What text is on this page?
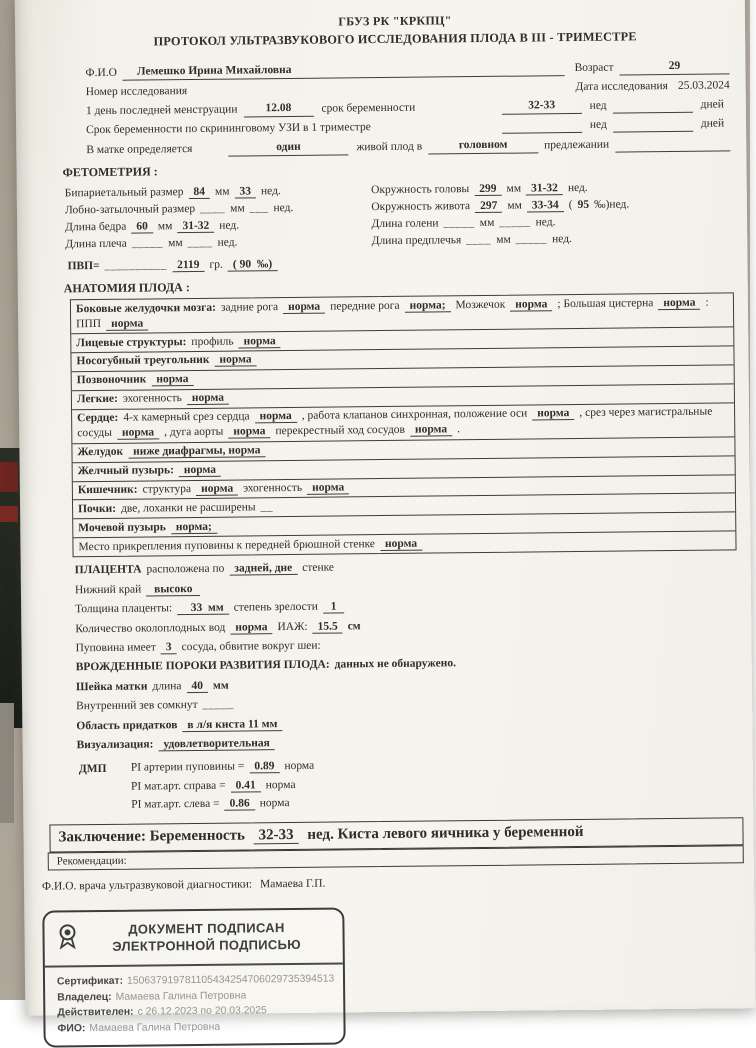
ГБУЗ РК "КРКПЦ"
ПРОТОКОЛ УЛЬТРАЗВУКОВОГО ИССЛЕДОВАНИЯ ПЛОДА В III - ТРИМЕСТРЕ
Ф.И.О	Лемешко Ирина Михайловна	Возраст	29
Номер исследования	Дата исследования 25.03.2024
1 день последней менструации	12.08	срок беременности	32-33	нед	дней
Срок беременности по скрининговому УЗИ в 1 триместре	нед	дней
В матке определяется	один	живой плод в	головном	предлежании
ФЕТОМЕТРИЯ :
Бипариетальный размер 84 мм 33 нед.
Лобно-затылочный размер ____ мм ___ нед.
Длина бедра 60 мм 31-32 нед.
Длина плеча _____ мм ____ нед.
Окружность головы 299 мм 31-32 нед.
Окружность живота 297 мм 33-34 ( 95 ‰)нед.
Длина голени _____ мм _____ нед.
Длина предплечья ____ мм _____ нед.
ПВП= __________ 2119 гр. ( 90  ‰)
АНАТОМИЯ ПЛОДА :
Боковые желудочки мозга: задние рога норма передние рога норма; Мозжечок норма ; Большая цистерна норма : ППП норма
Лицевые структуры: профиль норма
Носогубный треугольник норма
Позвоночник норма
Легкие: эхогенность норма
Сердце: 4-х камерный срез сердца норма , работа клапанов синхронная, положение оси норма , срез через магистральные сосуды норма , дуга аорты норма перекрестный ход сосудов норма .
Желудок ниже диафрагмы, норма
Желчный пузырь: норма
Кишечник: структура норма эхогенность норма
Почки: две, лоханки не расширены __
Мочевой пузырь норма;
Место прикрепления пуповины к передней брюшной стенке норма
ПЛАЦЕНТА расположена по задней, дне стенке
Нижний край высоко
Толщина плаценты:   33  мм степень зрелости 1
Количество околоплодных вод норма ИАЖ: 15.5 см
Пуповина имеет 3 сосуда, обвитие вокруг шеи:
ВРОЖДЕННЫЕ ПОРОКИ РАЗВИТИЯ ПЛОДА: данных не обнаружено.
Шейка матки длина 40 мм
Внутренний зев сомкнут _____
Область придатков в л/я киста 11 мм
Визуализация: удовлетворительная
ДМП	PI артерии пуповины = 0.89 норма
PI мат.арт. справа = 0.41 норма
PI мат.арт. слева = 0.86 норма
Заключение: Беременность 32-33 нед. Киста левого яичника у беременной
Рекомендации:
Ф.И.О. врача ультразвуковой диагностики: Мамаева Г.П.
ДОКУМЕНТ ПОДПИСАН
ЭЛЕКТРОННОЙ ПОДПИСЬЮ
Сертификат: 150637919781105434254706029735394513
Владелец: Мамаева Галина Петровна
Действителен: с 26.12.2023 по 20.03.2025
ФИО: Мамаева Галина Петровна
